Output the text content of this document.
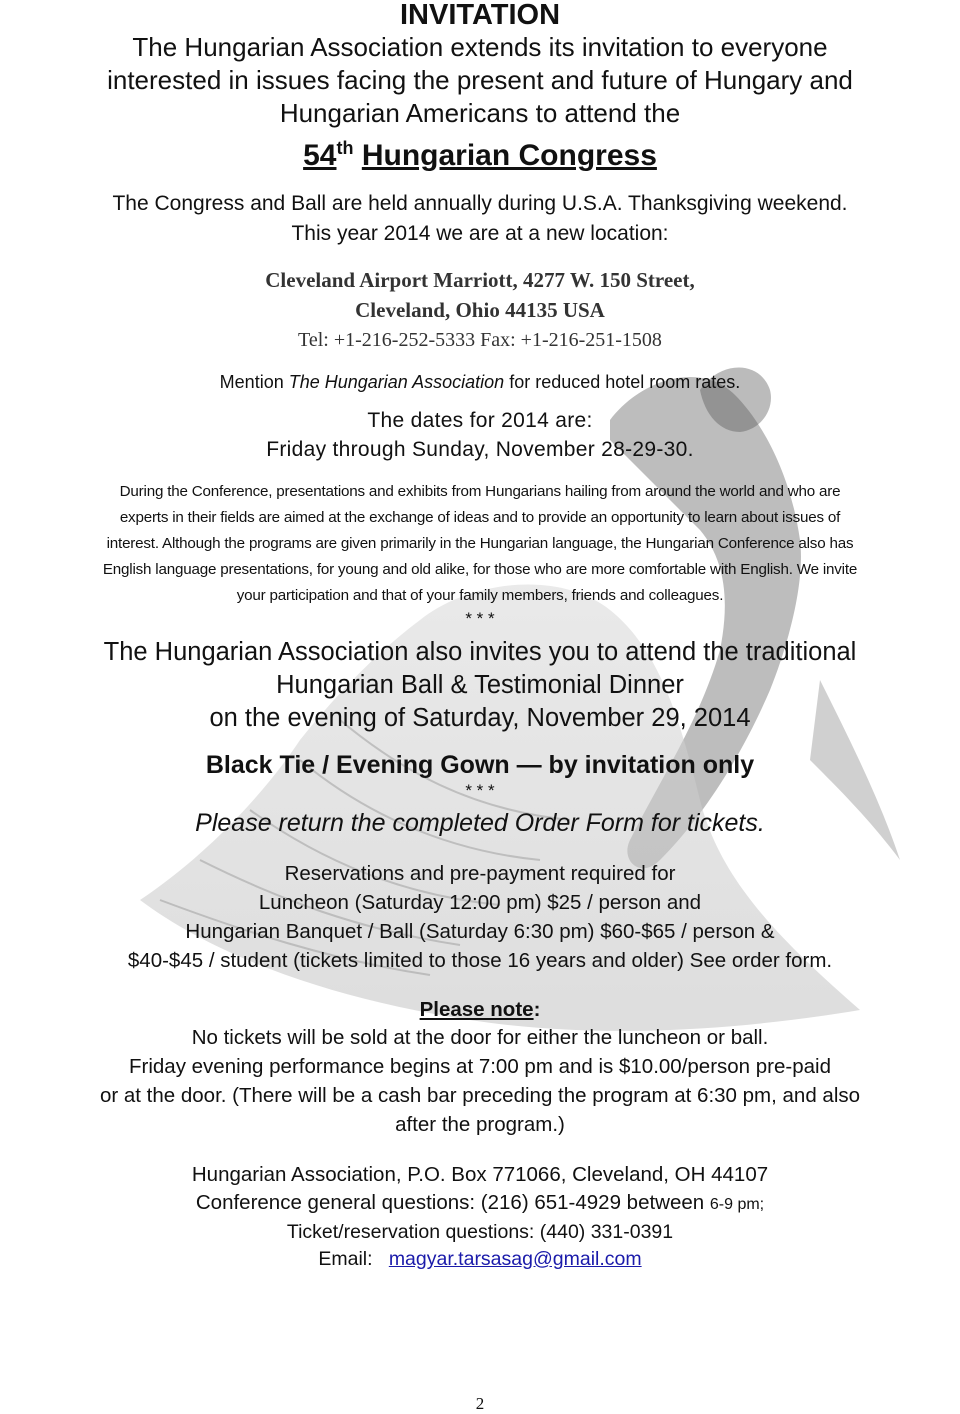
INVITATION

The Hungarian Association extends its invitation to everyone

interested in issues facing the present and future of Hungary and

Hungarian Americans to attend the

54th Hungarian Congress

The Congress and Ball are held annually during U.S.A. Thanksgiving weekend.

This year 2014 we are at a new location:

Cleveland Airport Marriott, 4277 W. 150 Street,

Cleveland, Ohio 44135 USA

Tel: +1-216-252-5333 Fax: +1-216-251-1508

Mention The Hungarian Association for reduced hotel room rates.

The dates for 2014 are:

Friday through Sunday, November 28-29-30.

During the Conference, presentations and exhibits from Hungarians hailing from around the world and who are

experts in their fields are aimed at the exchange of ideas and to provide an opportunity to learn about issues of

interest. Although the programs are given primarily in the Hungarian language, the Hungarian Conference also has

English language presentations, for young and old alike, for those who are more comfortable with English. We invite

your participation and that of your family members, friends and colleagues.

* * *

The Hungarian Association also invites you to attend the traditional

Hungarian Ball & Testimonial Dinner

on the evening of Saturday, November 29, 2014

Black Tie / Evening Gown — by invitation only

* * *

Please return the completed Order Form for tickets.

Reservations and pre-payment required for

Luncheon (Saturday 12:00 pm) $25 / person and

Hungarian Banquet / Ball (Saturday 6:30 pm) $60-$65 / person &

$40-$45 / student (tickets limited to those 16 years and older) See order form.

Please note:

No tickets will be sold at the door for either the luncheon or ball.

Friday evening performance begins at 7:00 pm and is $10.00/person pre-paid

or at the door. (There will be a cash bar preceding the program at 6:30 pm, and also

after the program.)

Hungarian Association, P.O. Box 771066, Cleveland, OH 44107

Conference general questions: (216) 651-4929 between 6-9 pm;

Ticket/reservation questions: (440) 331-0391

Email:   magyar.tarsasag@gmail.com

2
